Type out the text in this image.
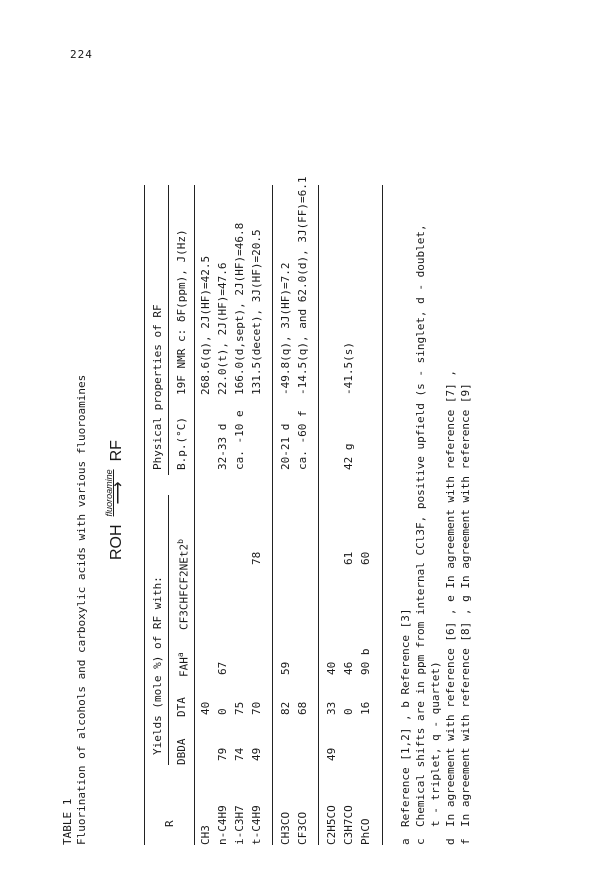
224
TABLE 1 Fluorination of alcohols and carboxylic acids with various fluoroamines ROH
fluoroamine
⟶
RF
R
Yields (mole %) of RF with:
Physical properties of RF
DBDA
DTA
FAH$^a$
CF3CHFCF2NEt2$^b$
B.p.(°C)
19F NMR c: δF(ppm), J(Hz)
CH3
40
268.6(q), 2J(HF)=42.5
n-C4H9
79
0
67
32-33 d
22.0(t), 2J(HF)=47.6
i-C3H7
74
75
ca. -10 e
166.0(d,sept), 2J(HF)=46.8
t-C4H9
49
70
78
131.5(decet), 3J(HF)=20.5
CH3CO
82
59
20-21 d
-49.8(q), 3J(HF)=7.2
CF3CO
68
ca. -60 f
-14.5(q), and 62.0(d), 3J(FF)=6.1
C2H5CO
49
33
40
C3H7CO
0
46
61
42 g
-41.5(s)
PhCO
16
90 b
60
a
Reference [1,2] , b Reference [3]
c
Chemical shifts are in ppm from internal CCl3F, positive upfield (s - singlet, d - doublet, t - triplet, q - quartet)
d
In agreement with reference [6] , e In agreement with reference [7] ,
f
In agreement with reference [8] , g In agreement with reference [9]
